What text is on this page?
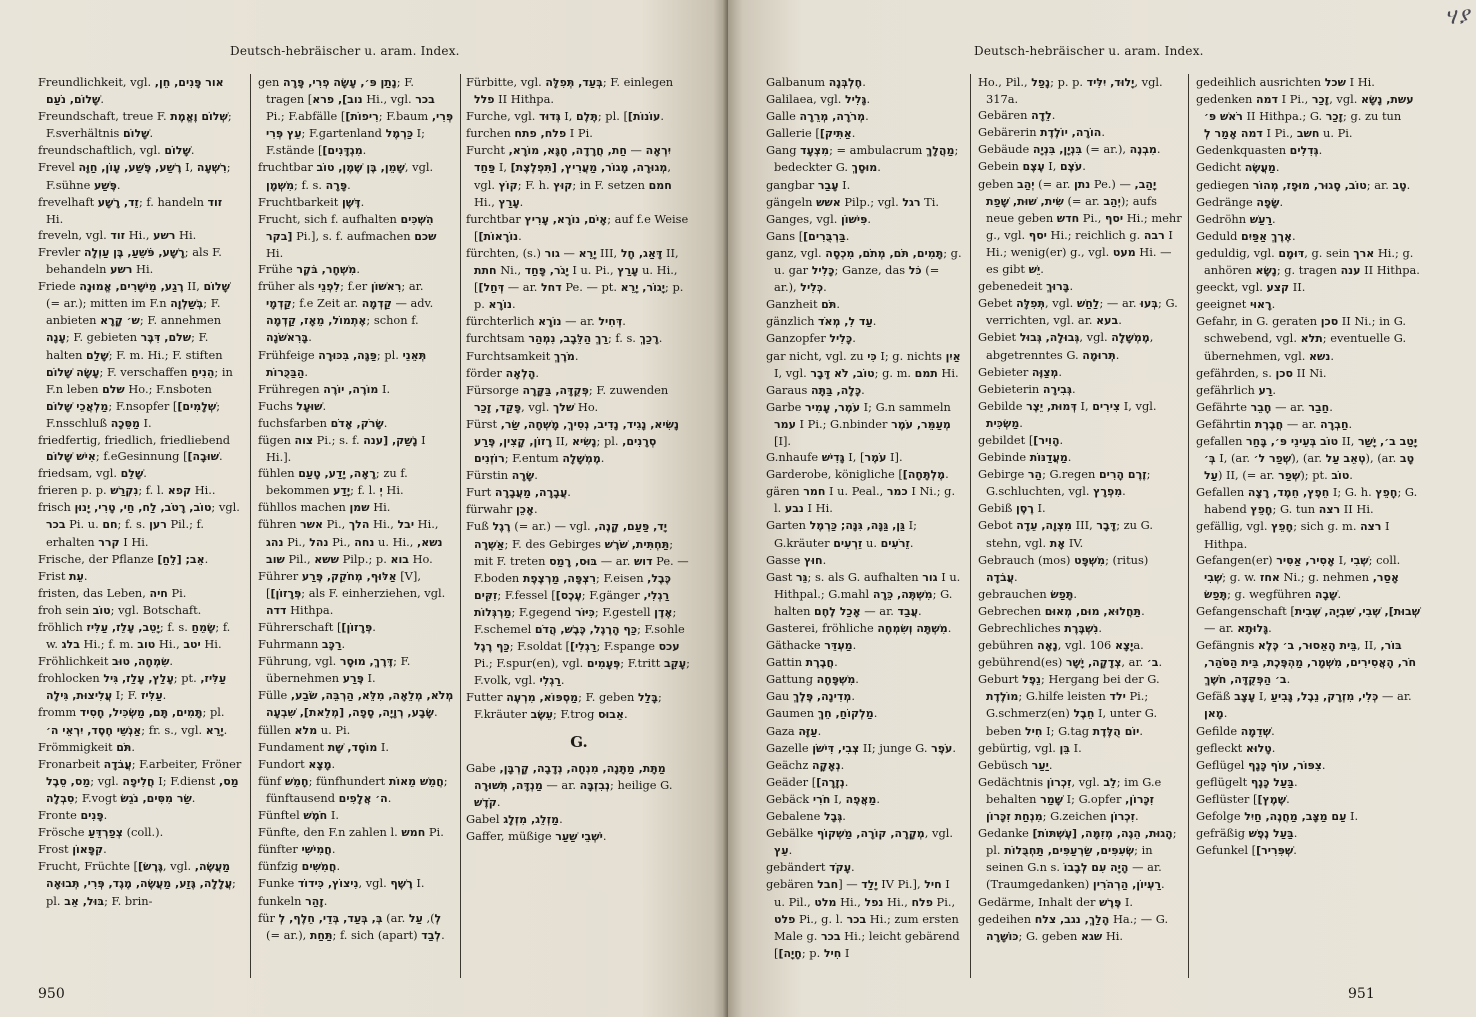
Deutsch-hebräischer u. aram. Index.

Freundlichkeit, vgl. אור פָּנִים, חֵן, שָׁלוֹם, נֹעַם.

Freundschaft, treue F. שְׁלוֹם וֶאֱמֶת; F.sverhältnis שָׁלוֹם.

freundschaftlich, vgl. שָׁלוֹם.

Frevel רֶשַׁע, פֶּשַׁע, עָוֹן, חַוָּה I, רִשְׁעָה; F.sühne פֶּשַׁע.

frevelhaft זֵד, רָשָׁע; f. handeln זוד Hi.

freveln, vgl. זוד Hi., רשע Hi.

Frevler רָשָׁע, פֹּשֵׁעַ, בֶּן עַוְלָה; als F. behandeln רשע Hi.

Friede רֶגַע, מֵישָׁרִים, אֱמוּנָה II, שָׁלוֹם (= ar.); mitten im F.n בְּשַׁלְוָה; F. anbieten ש׳ קָרָא; F. annehmen עָנָה; F. gebieten שלם, דִּבֶּר; F. halten שָׁלַם; F. m. Hi.; F. stiften עָשָׂה שָׁלוֹם; F. verschaffen הֵנִיחַ; in F.n leben שלם Ho.; F.nsboten מַלְאֲכֵי שָׁלוֹם; F.nsopfer [שְׁלָמִים]; F.nsschluß מַסֵּכָה I.

friedfertig, friedlich, friedliebend אִישׁ שָׁלוֹם; f.eGesinnung [שׁוּבָה].

friedsam, vgl. שָׁלֵם.

frieren p. p. נִקְרַשׁ; f. l. קפא Hi..

frisch טוֹב, רָטֹב, לַח, חַי, טָרִי, יָנוּן; vgl. בכר Pi. u. חם; f. s. רען Pil.; f. erhalten קרר I Hi.

Frische, der Pflanze אֵב; [לֵחַ].

Frist עֵת.

fristen, das Leben, חיה Pi.

froh sein טוֹב; vgl. Botschaft.

fröhlich יָטֵב, עָלֵז, עַלִּיז; f. s. שָׂמֵחַ; f. w. בלג Hi.; f. m. טוב Hi., יטב Hi.

Fröhlichkeit שִׂמְחָה, טוּב.

frohlocken עָלַץ, עָלַז, גִּיל; pt. עַלִּיז, עֲלִיצוּת, גִּילָה I; F. עַלִּיז.

fromm תָּמִים, תָּם, מַשְׂכִּיל, חָסִיד; pl. אַנְשֵׁי חֶסֶד, יִרְאֵי ה׳; fr. s., vgl. יָרֵא.

Frömmigkeit תֹּם.

Fronarbeit עֲבֹדָה; F.arbeiter, Fröner מַס, סֵבֶל; vgl. חֲלִיפָה I; F.dienst מַס, סִבְלָה; F.vogt שַׂר מִסִּים, נֹגֵשׂ.

Fronte פָּנִים.

Frösche צְפַרְדֵּעַ (coll.).

Frost קִפָּאוֹן.

Frucht, Früchte [גֶּרֶשׂ], vgl. מַעֲשֶׂה, עֲלָלָה, גֶּזַע, מַעֲשֶׂה, מֶגֶד, פְּרִי, תְּבוּאָה; pl. בּוּל, אֵב; F. brin-

gen נָתַן פּ׳, עָשָׂה פְרִי, פָּרָה; F. tragen [נוב], פרא Hi., vgl. בכר Pi.; F.abfälle [רִיפוֹת]; F.baum פְּרִי, עֵץ פְּרִי; F.gartenland כַּרְמֶל I; F.stände [מִגְדָּנִים].

fruchtbar שָׁמֵן, בֶּן שֶׁמֶן, טוֹב, vgl. מִשְׁמָן; f. s. פָּרָה.

Fruchtbarkeit דֶּשֶׁן.

Frucht, sich f. aufhalten הִשְׁכִּים [בקר Pi.], s. f. aufmachen שכם Hi.

Frühe מִשְׁחָר, בֹּקֶר.

früher als לִפְנֵי; f.er רִאשׁוֹן; ar. קַדְמָי; f.e Zeit ar. קַדְמָה — adv. אֶתְמוֹל, מֵאָז, קַדְמָה; schon f. בָּרִאשֹׁנָה.

Frühfeige פַּגָּה, בִּכּוּרָה; pl. תְּאֵנֵי הַבַּכֻּרוֹת.

Frühregen מוֹרֶה, יוֹרֶה I.

Fuchs שׁוּעָל.

fuchsfarben שָׂרֹק, אָדֹם.

fügen צוה Pi.; s. f. נָשַׁק, [ענה I Hi.].

fühlen רָאָה, יָדַע, טָעַם; zu f. bekommen יָדַע; f. l. יְ Hi.

fühllos machen שמן Hi.

führen אשר Pi., הלך Hi., יבל Hi., נהג Pi., נהל Pi., נחה u. Hi., נשא, שוב Pil., ששא Pilp.; p. בוא Ho.

Führer אַלּוּף, מְחֹקֵק, פֶּרַע [V], [פְּרָזוֹן]; als F. einherziehen, vgl. דדה Hithpa.

Führerschaft [פְּרָזוֹן].

Fuhrmann רַכָּב.

Führung, vgl. דֶּרֶךְ, מוּסָר; F. übernehmen פֶּרַע I.

Fülle מְלֹא, מְלֵאָה, מִלֵּא, הַרְבֵּה, שֹׂבַע, שָׂבָע, רְוָיָה, סָפָה, [מְלֵאת], שִׁבְעָה.

füllen מלא u. Pi.

Fundament מוֹסָד, שָׁת I.

Fundort מָצָא.

fünf חָמֵשׁ; fünfhundert חֲמֵשׁ מֵאוֹת; fünftausend ה׳ אֲלָפִים.

Fünftel חֹמֶשׁ I.

Fünfte, den F.n zahlen l. חמש Pi.

fünfter חֲמִישִׁי.

fünfzig חֲמִשִּׁים.

Funke נִיצוֹץ, כִּידוֹד, vgl. רֶשֶׁף I.

funkeln זָהַר.

für בְּ, בְּעַד, בְּדֵי, חֵלֶף, לְ (ar. לְ), עַל (= ar.), תַּחַת; f. sich (apart) לְבַד.

Fürbitte, vgl. בְּעַד, תְּפִלָּה; F. einlegen פלל II Hithpa.

Furche, vgl. גְּדוּד I, תֶּלֶם; pl. [עוֹנוֹת].

furchen פלח, פתח I Pi.

Furcht	יִרְאָה — חַת, חֲרָדָה, חָגָּא, מוֹרָא, פַּחַד I, מְגוּרָה, מָגוֹר, מַעֲרִיץ, [תִּפְלֶצֶת], vgl. קוֹץ; F. h. קוּץ; in F. setzen חמם Hi., עָרַץ.

furchtbar אָיֹם, נוֹרָא, עָרִיץ; auf f.e Weise [נוֹרָאוֹת].

fürchten, (s.)	יָרֵא — גור	III, דָּאַג, חָל II, חתת Ni., יָגֹר, פָּחַד I u. Pi., עָרַץ u. Hi., [דְּחַל] — ar. דחל Pe. — pt. יָגוֹר, יָרֵא; p. p. נוֹרָא.

fürchterlich נוֹרָא — ar. דְּחִיל.

furchtsam רַךְ הַלֵּבָב, נִמְהַר; f. s. רָכַךְ.

Furchtsamkeit מֹרֶךְ.

förder הָלְאָה.

Fürsorge פְּקֻדָּה, בַּקָּרָה; F. zuwenden פָּקַד, זָכַר, vgl. שׁלך Ho.

Fürst נָשִׂיא, נָגִיד, נָדִיב, נְסִיךְ, מָשְׁחָה, שַׂר, רָזוֹן, קָצִין, פֶּרַע II, נָשִׂיא; pl. סְרָנִים, רוֹזְנִים; F.entum מֶמְשָׁלָה.

Fürstin שָׂרָה.

Furt עֲבָרָה, מַעֲבָרָה.

fürwahr אָכֵן.

Fuß רֶגֶל (= ar.) — vgl. יָד, פַּעַם, קָנֶה, אַשְׁרָה; F. des Gebirges תַּחְתִּית, שֹׁרֶשׁ; mit F. treten בּוּס, רָמַס — ar. דוש Pe. — F.boden רִצְפָּה, מַרְצֶפֶת; F.eisen כֶּבֶל, זִקִּים; F.fessel [עֶכֶס]; F.gänger רַגְלִי, מַרְגְּלוֹת; F.gegend כִּיּוֹר; F.gestell אֶדֶן; F.schemel כַּף הָרֶגֶל, כֶּבֶשׁ, הֲדֹם; F.sohle כַּף רֶגֶל; F.soldat [רַגְלִי]; F.spange עכס Pi.; F.spur(en), vgl. פְּעָמִים; F.tritt עָקֵב; F.volk, vgl. רַגְלִי.

Futter מַסְפּוֹא, מִרְעֶה; F. geben בָּלַל; F.kräuter עֵשֶׂב; F.trog אֵבוּס.

G.

Gabe מַתָּת, מַתָּנָה, מִנְחָה, נְדָבָה, קָרְבָּן, מַנְדָּה, תְּשׁוּרָה — ar. נְבִזְבָּה; heilige G. קֹדֶשׁ.

Gabel מַזְלֵג, מִזְלָג.

Gaffer, müßige יֹשְׁבֵי שַׁעַר.

950
Deutsch-hebräischer u. aram. Index.
ሃያ

Galbanum חֶלְבְּנָה.

Galilaea, vgl. גָּלִיל.

Galle מְרֹרָה, מְרֵרָה.

Gallerie [אַתִּיק].

Gang מִצְעָד; = ambulacrum מַהֲלָךְ; bedeckter G. מוּסָךְ.

gangbar עָבַר I.

gängeln אשש Pilp.; vgl. רגל Ti.

Ganges, vgl. פִּישׁוֹן.

Gans [בַּרְבֻּרִים].

ganz, vgl. תָּמִים, תֹּם, מְתֹם, מִכְסָה; g. u. gar כָּלִיל; Ganze, das כֹּל (= ar.), כְּלִיל.

Ganzheit תֹּם.

gänzlich עַד לִ, מְאֹד.

Ganzopfer כָּלִיל.

gar nicht, vgl. zu כִּי I; g. nichts אַיִן I, vgl. טוֹב, לֹא דָּבָר; g. m. תמם Hi.

Garaus כָּלָה, בַּתָּה.

Garbe עֹמֶר, עָמִיר I; G.n sammeln עמר I Pi.; G.nbinder מְעַמֵּר, עֹמֶר [I].

G.nhaufe גָּדִישׁ I, [עֹמֶר I].

Garderobe, königliche [מֶלְתָּחָה].

gären חמר I u. Peal., כמר I Ni.; g. l. נבע I Hi.

Garten גַּן, גַּנָּה, גִּנָּה; כַּרְמֶל I; G.kräuter זֵרְעִים u. זֵרֹעִים.

Gasse חוּץ.

Gast גֵּר; s. als G. aufhalten גור I u. Hithpal.; G.mahl מִשְׁתֶּה, כֵּרָה; G. halten אָכַל לֶחֶם — ar. עֲבַד.

Gasterei, fröhliche מִשְׁתָּה וְשִׂמְחָה.

Gäthacke מַעְדֵּר.

Gattin חֲבֶרֶת.

Gattung מִשְׁפָּחָה.

Gau מְדִינָה, פֶּלֶךְ.

Gaumen מַלְקוֹחַ, חֵךְ.

Gaza עַזָּה.

Gazelle צְבִי, דִּישֹׁן II; junge G. עֹפֶר.

Geächz נְאָקָה.

Geäder [נְזָרָה].

Gebäck חֹרִי I, מַאֲפֶה.

Gebalene גְּבָל.

Gebälke מְקָרָה, קוֹרָה, מַשְׁקוֹף, vgl. עֵץ.

gebändert עָקֹד.

gebären	יָלַד — [חבל	IV Pi.], חיל I u. Pil., מלט Hi., נפל Hi., פלח Pi., פלט Pi., g. l. בכר Hi.; zum ersten Male g. בכר Hi.; leicht gebärend [חָיָה]; p. חִיל I

Ho., Pil., נָפַל; p. p. יָלוּד, יִלִּיד, vgl. 317a.

Gebären לֵדָה.

Gebärerin הוֹרָה, יוֹלֶדֶת.

Gebäude בִּנְיָן, בִּנְיָה (= ar.), מִבְנֶה.

Gebein עֶצֶם I, עֹצֶם.

geben יְהַב (= ar. נתן Pe.) — יָהַב, שִׂית, שׁוּת, שָׁפַת (= ar. יְהַב); aufs neue geben חדש Pi., יסף Hi.; mehr g., vgl. יסף Hi.; reichlich g. רבה I Hi.; wenig(er) g., vgl. מעט Hi. — es gibt יֵשׁ.

gebenedeit בָּרוּךְ.

Gebet תְּפִלָּה, vgl. לַחַשׁ; — ar. בְּעוּ; G. verrichten, vgl. ar. בעא.

Gebiet גְּבוּלָה, גְּבוּל, vgl. מֶמְשָׁלָה, abgetrenntes G. תְּרוּמָה.

Gebieter מְצַוֶּה.

Gebieterin גְּבִירָה.

Gebilde דְּמוּת, יֵצֶר I, צִירִים I, vgl. מַשְׂכִּית.

gebildet [הָוִיר].

Gebinde מַעֲדַנּוֹת.

Gebirge הַר; G.regen זֶרֶם הָרִים; G.schluchten, vgl. מִפְרָץ.

Gebiß רֶסֶן I.

Gebot מִצְוָה, עֵדָה III, דָּבָר; zu G. stehn, vgl. אָת IV.

Gebrauch (mos) מִשְׁפָּט; (ritus) עֲבֹדָה.

gebrauchen תָּפַשׂ.

Gebrechen תַּחֲלוּא, מוּם, מְאוּם.

Gebrechliches נִשְׁבֶּרֶת.

gebühren נָאָה, vgl. יָצָא 106a.

gebührend(es) צְדָקָה, יָשָׁר, ar. ב׳.

Geburt נֵפֶל; Hergang bei der G. מוֹלֶדֶת; G.hilfe leisten ילד Pi.; G.schmerz(en) חֵבֶל I, unter G. beben חִיל I; G.tag יוֹם הֻלֶּדֶת.

gebürtig, vgl. בֵּן I.

Gebüsch יַעַר.

Gedächtnis זִכְרוֹן, vgl. לֵב; im G.e behalten שָׁמַר I; G.opfer זִכָּרוֹן, מִנְחַת זִכָּרוֹן; G.zeichen זִכְרוֹן.

Gedanke הָגוּת, הֵגֶה, מְזִמָּה, [עֶשְׁתּוֹת]; pl. שְׂעִפִּים, שַׂרְעַפִּים, תַּחְבֻּלוֹת; in seinen G.n s. הָיָה עִם לְבָבוֹ — ar. (Traumgedanken) רַעְיוֹן, הַרְהֹרִין.

Gedärme, Inhalt der פֶּרֶשׁ I.

gedeihen הָלַךְ, נגב, צלח Ha.; — G. כּוֹשָׁרָה; G. geben שגא Hi.

gedeihlich ausrichten שכל I Hi.

gedenken דמה I Pi., זָכַר, vgl. עשת, נָשָׂא רֹאשׁ פּ׳ II Hithpa.; G. זָכַר; g. zu tun דמה אָמַר לְ I Pi., חשב u. Pi.

Gedenkquasten גְּדִלִים.

Gedicht מַעֲשֶׂה.

gediegen טוֹב, סָגוּר, מוּפָז, מְהוֹר; ar. טָב.

Gedränge שָׂפָה.

Gedröhn רַעַשׁ.

Geduld אֶרֶךְ אַפַּיִם.

geduldig, vgl. דּוּמָם, g. sein ארך Hi.; g. anhören נָשָׂא; g. tragen ענה II Hithpa.

geeckt, vgl. קצע II.

geeignet רָאוּי.

Gefahr, in G. geraten סכן II Ni.; in G. schwebend, vgl. תלא; eventuelle G. übernehmen, vgl. נשא.

gefährden, s. סכן II Ni.

gefährlich רַע.

Gefährte חָבֵר — ar. חַבַר.

Gefährtin חֲבֶרֶת — ar. חַבְרָה.

gefallen טוֹב בְּעֵינֵי פּ׳, בָּחַר II, יָטַב ב׳, יָשַׁר בְּ׳ I, (ar. שְׁפַר ל׳), (ar. טְאֵב עַל), (ar. טָב עַל) II, (= ar. שְׁפַר); pt. טוֹב.

Gefallen חֵפֶץ, חֵמֶד, רָצָה I; G. h. חָפֵץ; G. habend חָפֵץ; G. tun רצה II Hi.

gefällig, vgl. חָפֵץ; sich g. m. רצה I Hithpa.

Gefangen(er) אָסִיר, אַסִּיר I, שְׁבִי; coll. שְׁבִי; g. w. אחז Ni.; g. nehmen אָסַר, תָּפַשׂ; g. wegführen שָׁבָה.

Gefangenschaft [שְׁבוּת], שְׁבִי, שִׁבְיָה, שְׁבִית — ar. גָּלוּתָא.

Gefängnis בֵּית הָאֵסוּר, ב׳ כֶּלֶא, II, בּוֹר, חֹר, הָאֲסִירִים, מִשְׁמָר, מַהְפֶּכֶת, בֵּית הַסֹּהַר, ב׳ הַפְּקֻדָּה, חֹשֶׁךְ.

Gefäß עָצָב I, כְּלִי, מִזְרָק, נֵבֶל, גָּבִיעַ — ar. מָאן.

Gefilde שְׁדֵמָה.

gefleckt טָלוּא.

Geflügel צִפּוֹר, עוֹף כָּנָף.

geflügelt בַּעַל כָּנָף.

Geflüster [שֶׁמֶץ].

Gefolge עַם מַצָּב, מַחֲנֶה, חַיִל I.

gefräßig בַּעַל נֶפֶשׁ.

Gefunkel [שְׁפִּרִיר].

951
